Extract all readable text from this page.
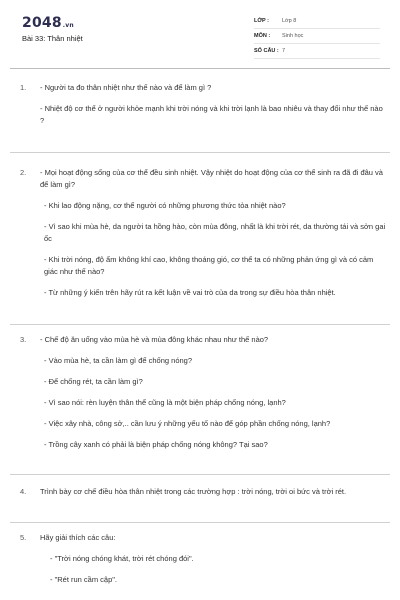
2048.vn
Bài 33: Thân nhiệt
LỚP :	Lớp 8
MÔN :	Sinh học
SỐ CÂU : 7
1. - Người ta đo thân nhiệt như thế nào và để làm gì ?

- Nhiệt độ cơ thể ở người khỏe mạnh khi trời nóng và khi trời lạnh là bao nhiêu và thay đổi như thế nào ?

2. - Mọi hoạt động sống của cơ thể đều sinh nhiệt. Vậy nhiệt do hoạt động của cơ thể sinh ra đã đi đâu và để làm gì?

- Khi lao động nặng, cơ thể người có những phương thức tỏa nhiệt nào?

- Vì sao khi mùa hè, da người ta hồng hào, còn mùa đông, nhất là khi trời rét, da thường tái và sởn gai ốc

- Khi trời nóng, độ ẩm không khí cao, không thoáng gió, cơ thể ta có những phản ứng gì và có cảm giác như thế nào?

- Từ những ý kiến trên hãy rút ra kết luận về vai trò của da trong sự điều hòa thân nhiệt.

3. - Chế độ ăn uống vào mùa hè và mùa đông khác nhau như thế nào?

- Vào mùa hè, ta cần làm gì để chống nóng?

- Để chống rét, ta cần làm gì?

- Vì sao nói: rèn luyện thân thể cũng là một biện pháp chống nóng, lạnh?

- Việc xây nhà, công sở,.. cần lưu ý những yếu tố nào để góp phần chống nóng, lạnh?

- Trồng cây xanh có phải là biện pháp chống nóng không? Tại sao?

4. Trình bày cơ chế điều hòa thân nhiệt trong các trường hợp : trời nóng, trời oi bức và trời rét.

5. Hãy giải thích các câu:

- "Trời nóng chóng khát, trời rét chóng đói".

- "Rét run cầm cập".
